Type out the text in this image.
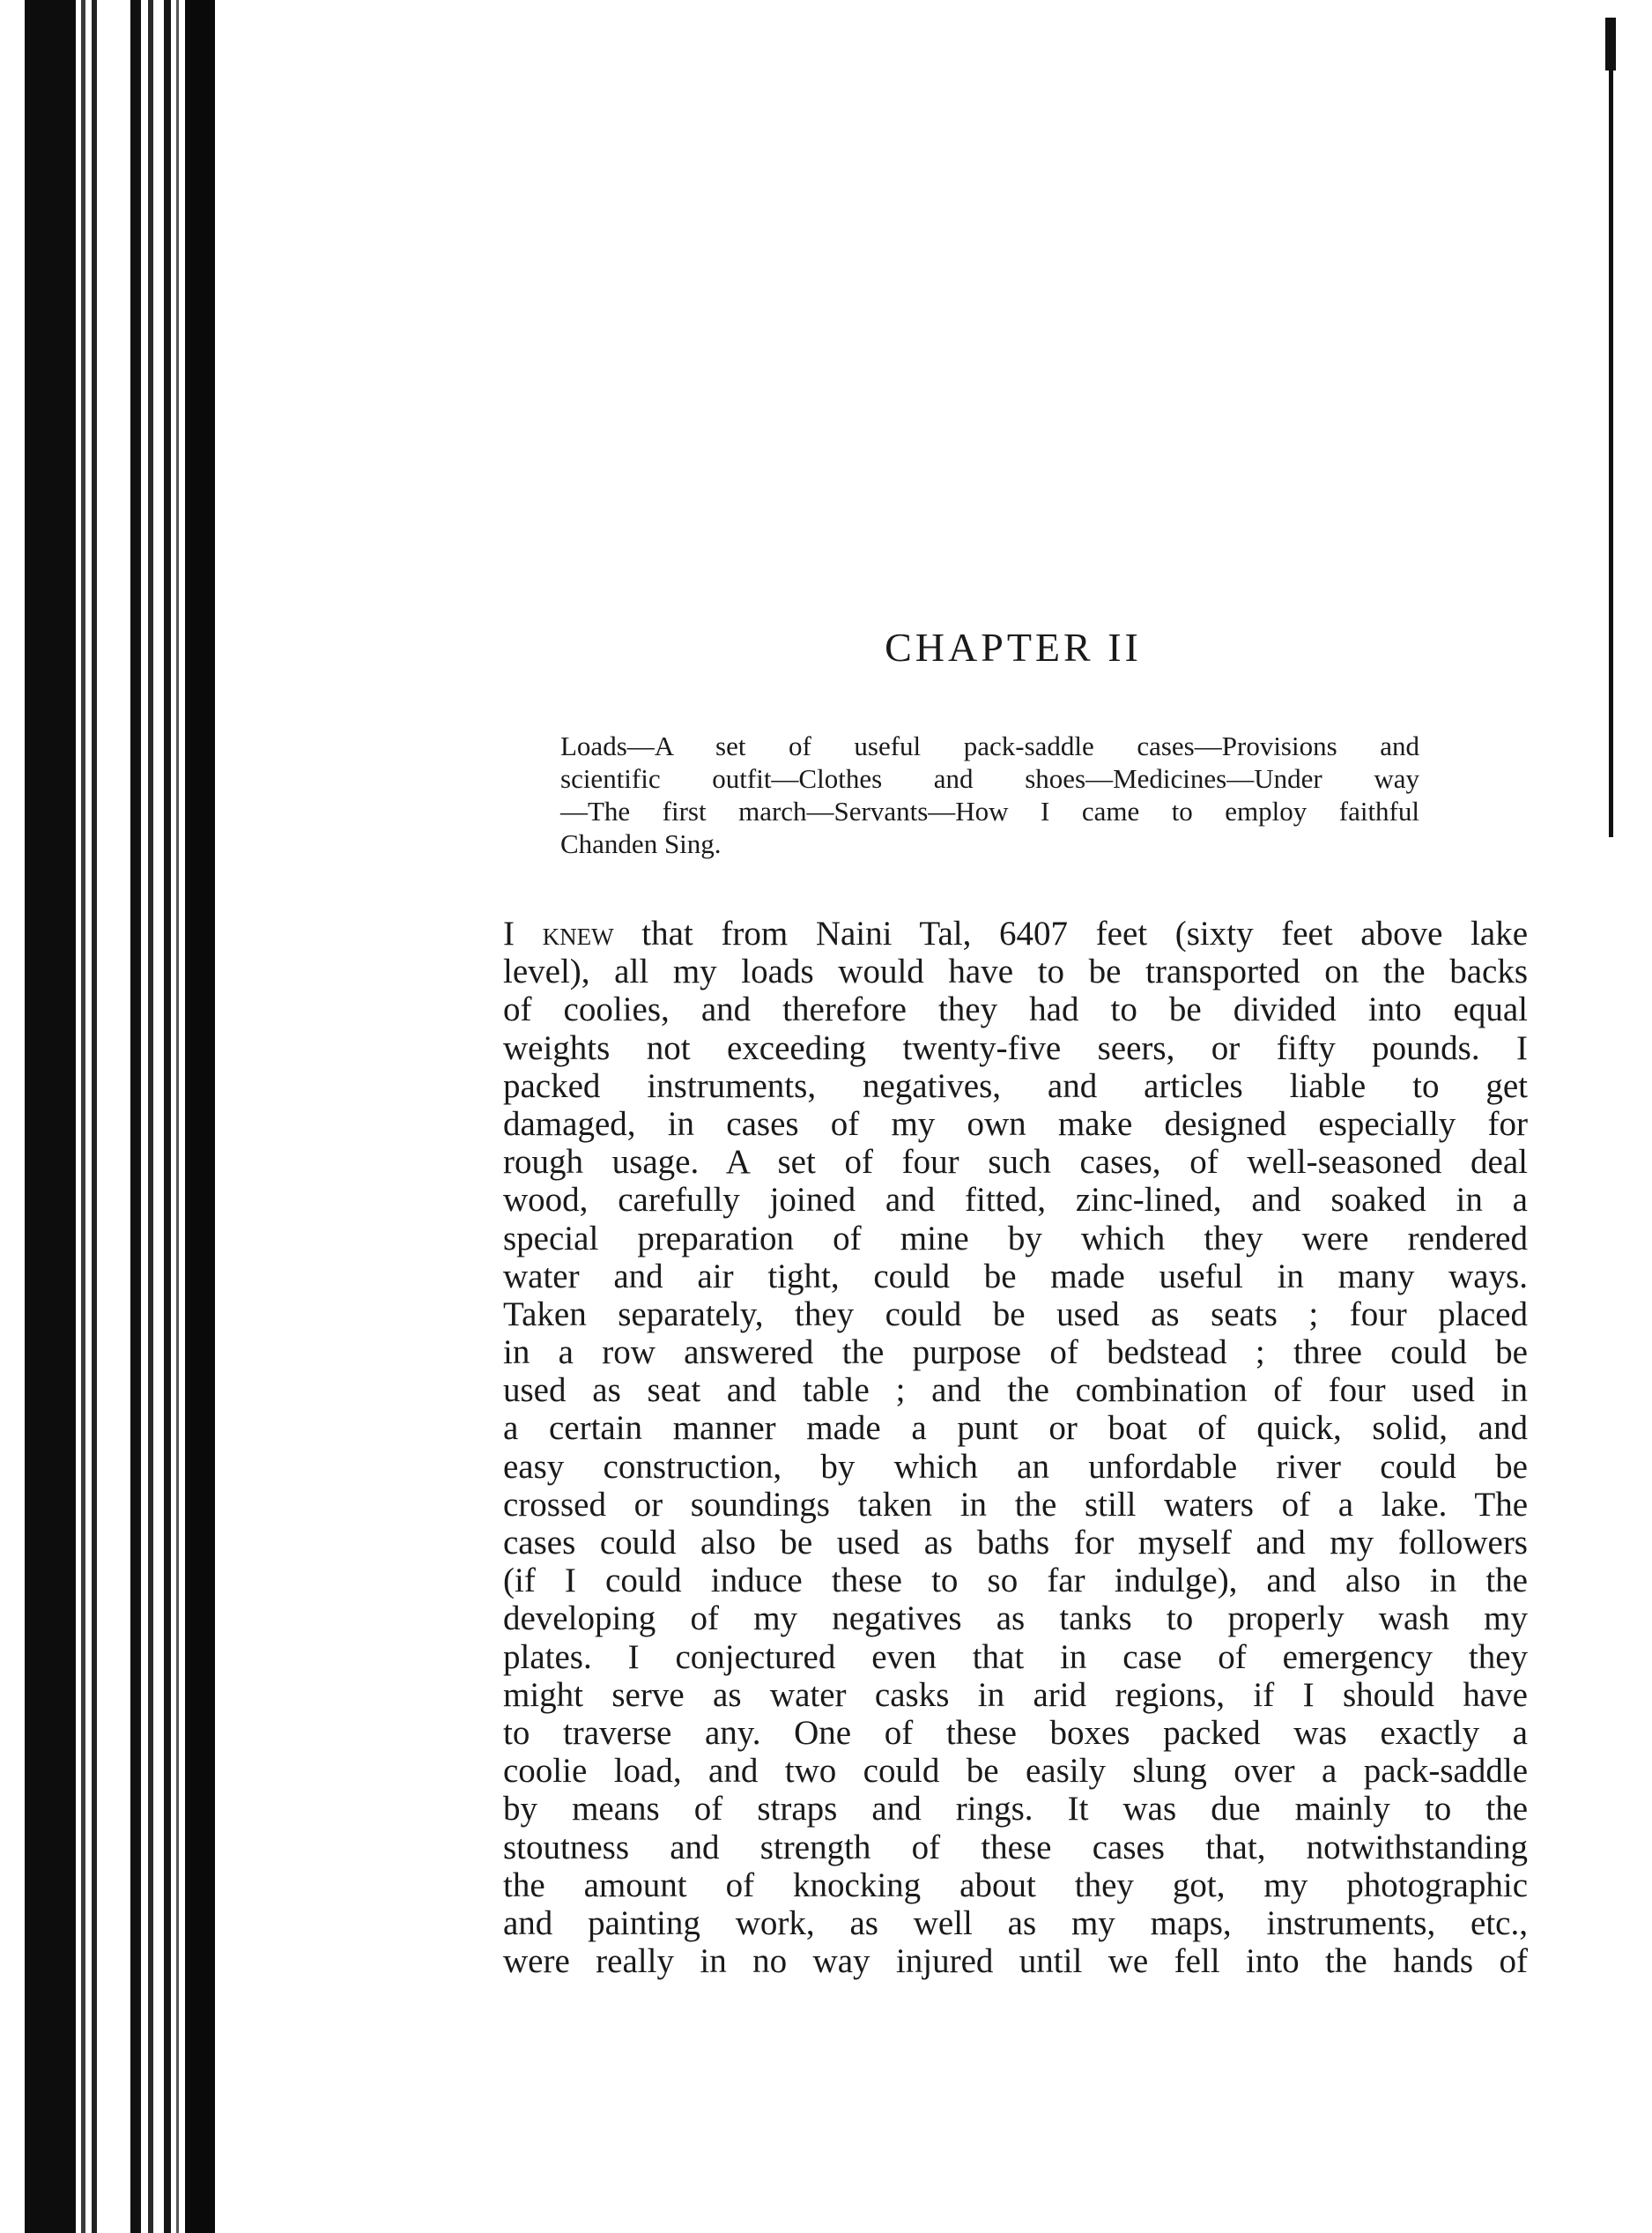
CHAPTER II
Loads—A set of useful pack-saddle cases—Provisions and
scientific outfit—Clothes and shoes—Medicines—Under way
—The first march—Servants—How I came to employ faithful
Chanden Sing.
I knew that from Naini Tal, 6407 feet (sixty feet above lake
level), all my loads would have to be transported on the backs
of coolies, and therefore they had to be divided into equal
weights not exceeding twenty-five seers, or fifty pounds. I
packed instruments, negatives, and articles liable to get
damaged, in cases of my own make designed especially for
rough usage. A set of four such cases, of well-seasoned deal
wood, carefully joined and fitted, zinc-lined, and soaked in a
special preparation of mine by which they were rendered
water and air tight, could be made useful in many ways.
Taken separately, they could be used as seats ; four placed
in a row answered the purpose of bedstead ; three could be
used as seat and table ; and the combination of four used in
a certain manner made a punt or boat of quick, solid, and
easy construction, by which an unfordable river could be
crossed or soundings taken in the still waters of a lake. The
cases could also be used as baths for myself and my followers
(if I could induce these to so far indulge), and also in the
developing of my negatives as tanks to properly wash my
plates. I conjectured even that in case of emergency they
might serve as water casks in arid regions, if I should have
to traverse any. One of these boxes packed was exactly a
coolie load, and two could be easily slung over a pack-saddle
by means of straps and rings. It was due mainly to the
stoutness and strength of these cases that, notwithstanding
the amount of knocking about they got, my photographic
and painting work, as well as my maps, instruments, etc.,
were really in no way injured until we fell into the hands of
